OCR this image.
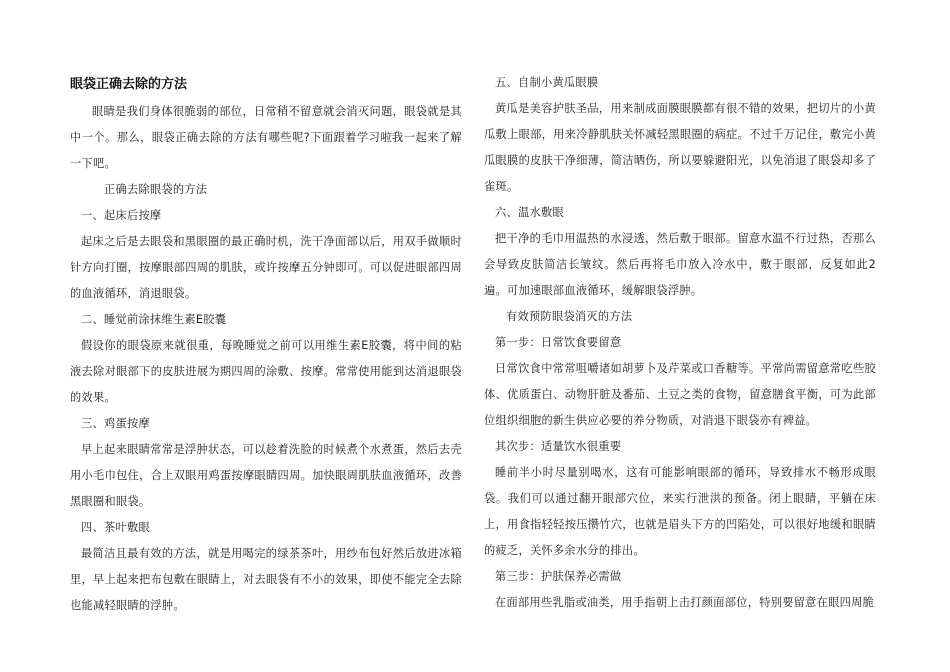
眼袋正确去除的方法

眼睛是我们身体很脆弱的部位，日常稍不留意就会消灭问题，眼袋就是其中一个。那么，眼袋正确去除的方法有哪些呢?下面跟着学习啦我一起来了解一下吧。

正确去除眼袋的方法

一、起床后按摩

起床之后是去眼袋和黑眼圈的最正确时机，洗干净面部以后，用双手做顺时针方向打圈，按摩眼部四周的肌肤，或许按摩五分钟即可。可以促进眼部四周的血液循环，消退眼袋。

二、睡觉前涂抹维生素E胶囊

假设你的眼袋原来就很重，每晚睡觉之前可以用维生素E胶囊，将中间的粘液去除对眼部下的皮肤进展为期四周的涂敷、按摩。常常使用能到达消退眼袋的效果。

三、鸡蛋按摩

早上起来眼睛常常是浮肿状态，可以趁着洗脸的时候煮个水煮蛋，然后去壳用小毛巾包住，合上双眼用鸡蛋按摩眼睛四周。加快眼周肌肤血液循环，改善黑眼圈和眼袋。

四、茶叶敷眼

最简洁且最有效的方法，就是用喝完的绿茶茶叶，用纱布包好然后放进冰箱里，早上起来把布包敷在眼睛上，对去眼袋有不小的效果，即使不能完全去除也能减轻眼睛的浮肿。

五、自制小黄瓜眼膜

黄瓜是美容护肤圣品，用来制成面膜眼膜都有很不错的效果，把切片的小黄瓜敷上眼部，用来冷静肌肤关怀减轻黑眼圈的病症。不过千万记住，敷完小黄瓜眼膜的皮肤干净细薄，简洁晒伤，所以要躲避阳光，以免消退了眼袋却多了雀斑。

六、温水敷眼

把干净的毛巾用温热的水浸透，然后敷于眼部。留意水温不行过热，否那么会导致皮肤简洁长皱纹。然后再将毛巾放入冷水中，敷于眼部，反复如此2遍。可加速眼部血液循环，缓解眼袋浮肿。

有效预防眼袋消灭的方法

第一步：日常饮食要留意

日常饮食中常常咀嚼诸如胡萝卜及芹菜或口香糖等。平常尚需留意常吃些胶体、优质蛋白、动物肝脏及番茄、土豆之类的食物，留意膳食平衡，可为此部位组织细胞的新生供应必要的养分物质，对消退下眼袋亦有裨益。

其次步：适量饮水很重要

睡前半小时尽量别喝水，这有可能影响眼部的循环，导致排水不畅形成眼袋。我们可以通过翻开眼部穴位，来实行泄洪的预备。闭上眼睛，平躺在床上，用食指轻轻按压攒竹穴，也就是眉头下方的凹陷处，可以很好地缓和眼睛的疲乏，关怀多余水分的排出。

第三步：护肤保养必需做

在面部用些乳脂或油类，用手指朝上击打颜面部位，特别要留意在眼四周脆
